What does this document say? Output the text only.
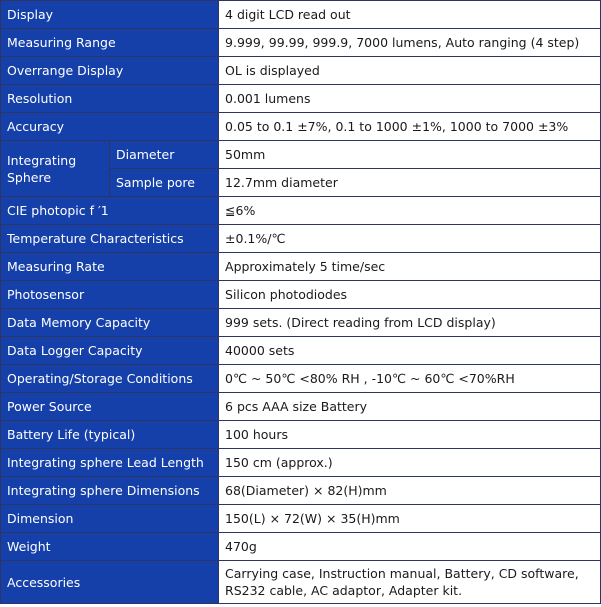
Display		4 digit LCD read out
Measuring Range		9.999, 99.99, 999.9, 7000 lumens, Auto ranging (4 step)
Overrange Display		OL is displayed
Resolution		0.001 lumens
Accuracy		0.05 to 0.1 ±7%, 0.1 to 1000 ±1%, 1000 to 7000 ±3%
Integrating Sphere	Diameter	50mm
	Sample pore	12.7mm diameter
CIE photopic f ′1		≦6%
Temperature Characteristics		±0.1%/℃
Measuring Rate		Approximately 5 time/sec
Photosensor		Silicon photodiodes
Data Memory Capacity		999 sets. (Direct reading from LCD display)
Data Logger Capacity		40000 sets
Operating/Storage Conditions		0℃ ~ 50℃ <80% RH , -10℃ ~ 60℃ <70%RH
Power Source		6 pcs AAA size Battery
Battery Life (typical)		100 hours
Integrating sphere Lead Length		150 cm (approx.)
Integrating sphere Dimensions		68(Diameter) × 82(H)mm
Dimension		150(L) × 72(W) × 35(H)mm
Weight		470g
Accessories		Carrying case, Instruction manual, Battery, CD software, RS232 cable, AC adaptor, Adapter kit.
